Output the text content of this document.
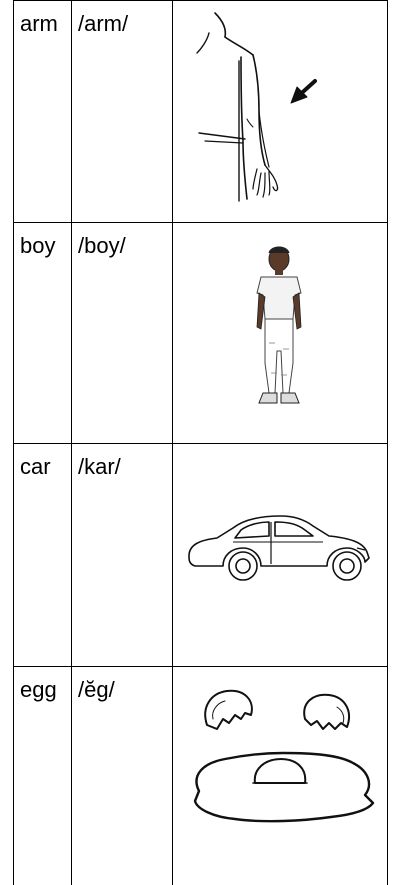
arm	/arm/

boy	/boy/

car	/kar/

egg	/ĕg/
